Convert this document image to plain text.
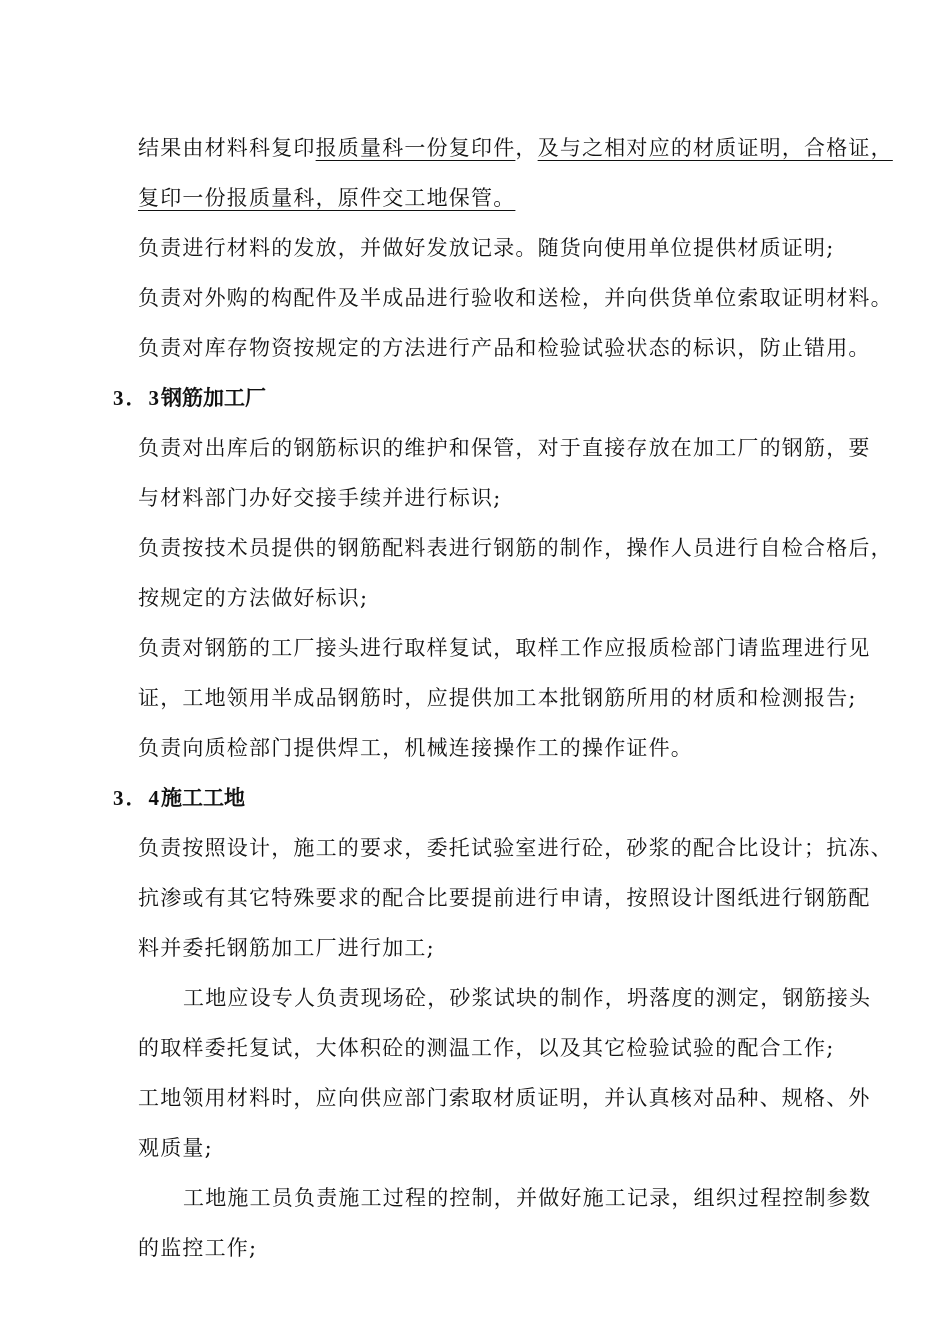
结果由材料科复印报质量科一份复印件，及与之相对应的材质证明，合格证，
复印一份报质量科，原件交工地保管。
负责进行材料的发放，并做好发放记录。随货向使用单位提供材质证明;
负责对外购的构配件及半成品进行验收和送检，并向供货单位索取证明材料。
负责对库存物资按规定的方法进行产品和检验试验状态的标识，防止错用。
3．3钢筋加工厂
负责对出库后的钢筋标识的维护和保管，对于直接存放在加工厂的钢筋，要
与材料部门办好交接手续并进行标识;
负责按技术员提供的钢筋配料表进行钢筋的制作，操作人员进行自检合格后，
按规定的方法做好标识;
负责对钢筋的工厂接头进行取样复试，取样工作应报质检部门请监理进行见
证，工地领用半成品钢筋时，应提供加工本批钢筋所用的材质和检测报告;
负责向质检部门提供焊工，机械连接操作工的操作证件。
3．4施工工地
负责按照设计，施工的要求，委托试验室进行砼，砂浆的配合比设计；抗冻、
抗渗或有其它特殊要求的配合比要提前进行申请，按照设计图纸进行钢筋配
料并委托钢筋加工厂进行加工;
工地应设专人负责现场砼，砂浆试块的制作，坍落度的测定，钢筋接头
的取样委托复试，大体积砼的测温工作，以及其它检验试验的配合工作;
工地领用材料时，应向供应部门索取材质证明，并认真核对品种、规格、外
观质量;
工地施工员负责施工过程的控制，并做好施工记录，组织过程控制参数
的监控工作;
